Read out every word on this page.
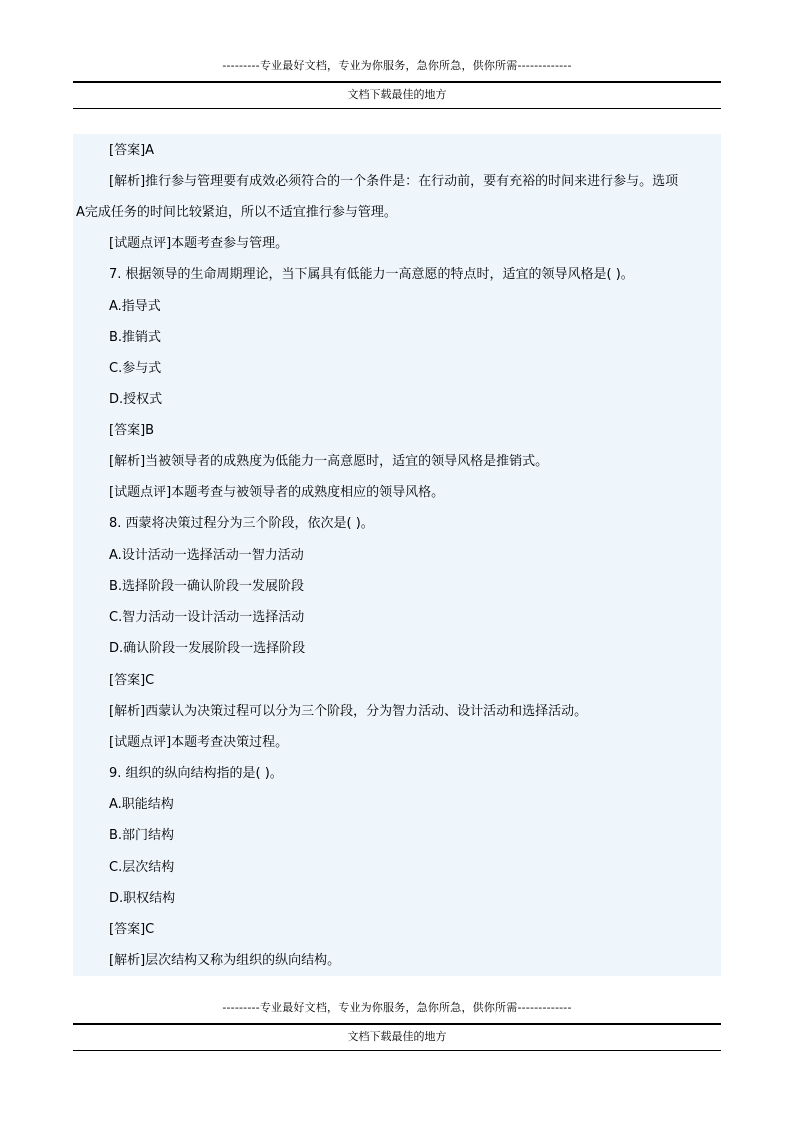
---------专业最好文档，专业为你服务，急你所急，供你所需-------------
文档下载最佳的地方
[答案]A
[解析]推行参与管理要有成效必须符合的一个条件是：在行动前，要有充裕的时间来进行参与。选项
A完成任务的时间比较紧迫，所以不适宜推行参与管理。
[试题点评]本题考查参与管理。
7. 根据领导的生命周期理论，当下属具有低能力一高意愿的特点时，适宜的领导风格是( )。
A.指导式
B.推销式
C.参与式
D.授权式
[答案]B
[解析]当被领导者的成熟度为低能力一高意愿时，适宜的领导风格是推销式。
[试题点评]本题考查与被领导者的成熟度相应的领导风格。
8. 西蒙将决策过程分为三个阶段，依次是( )。
A.设计活动一选择活动一智力活动
B.选择阶段一确认阶段一发展阶段
C.智力活动一设计活动一选择活动
D.确认阶段一发展阶段一选择阶段
[答案]C
[解析]西蒙认为决策过程可以分为三个阶段，分为智力活动、设计活动和选择活动。
[试题点评]本题考查决策过程。
9. 组织的纵向结构指的是( )。
A.职能结构
B.部门结构
C.层次结构
D.职权结构
[答案]C
[解析]层次结构又称为组织的纵向结构。
---------专业最好文档，专业为你服务，急你所急，供你所需-------------
文档下载最佳的地方
